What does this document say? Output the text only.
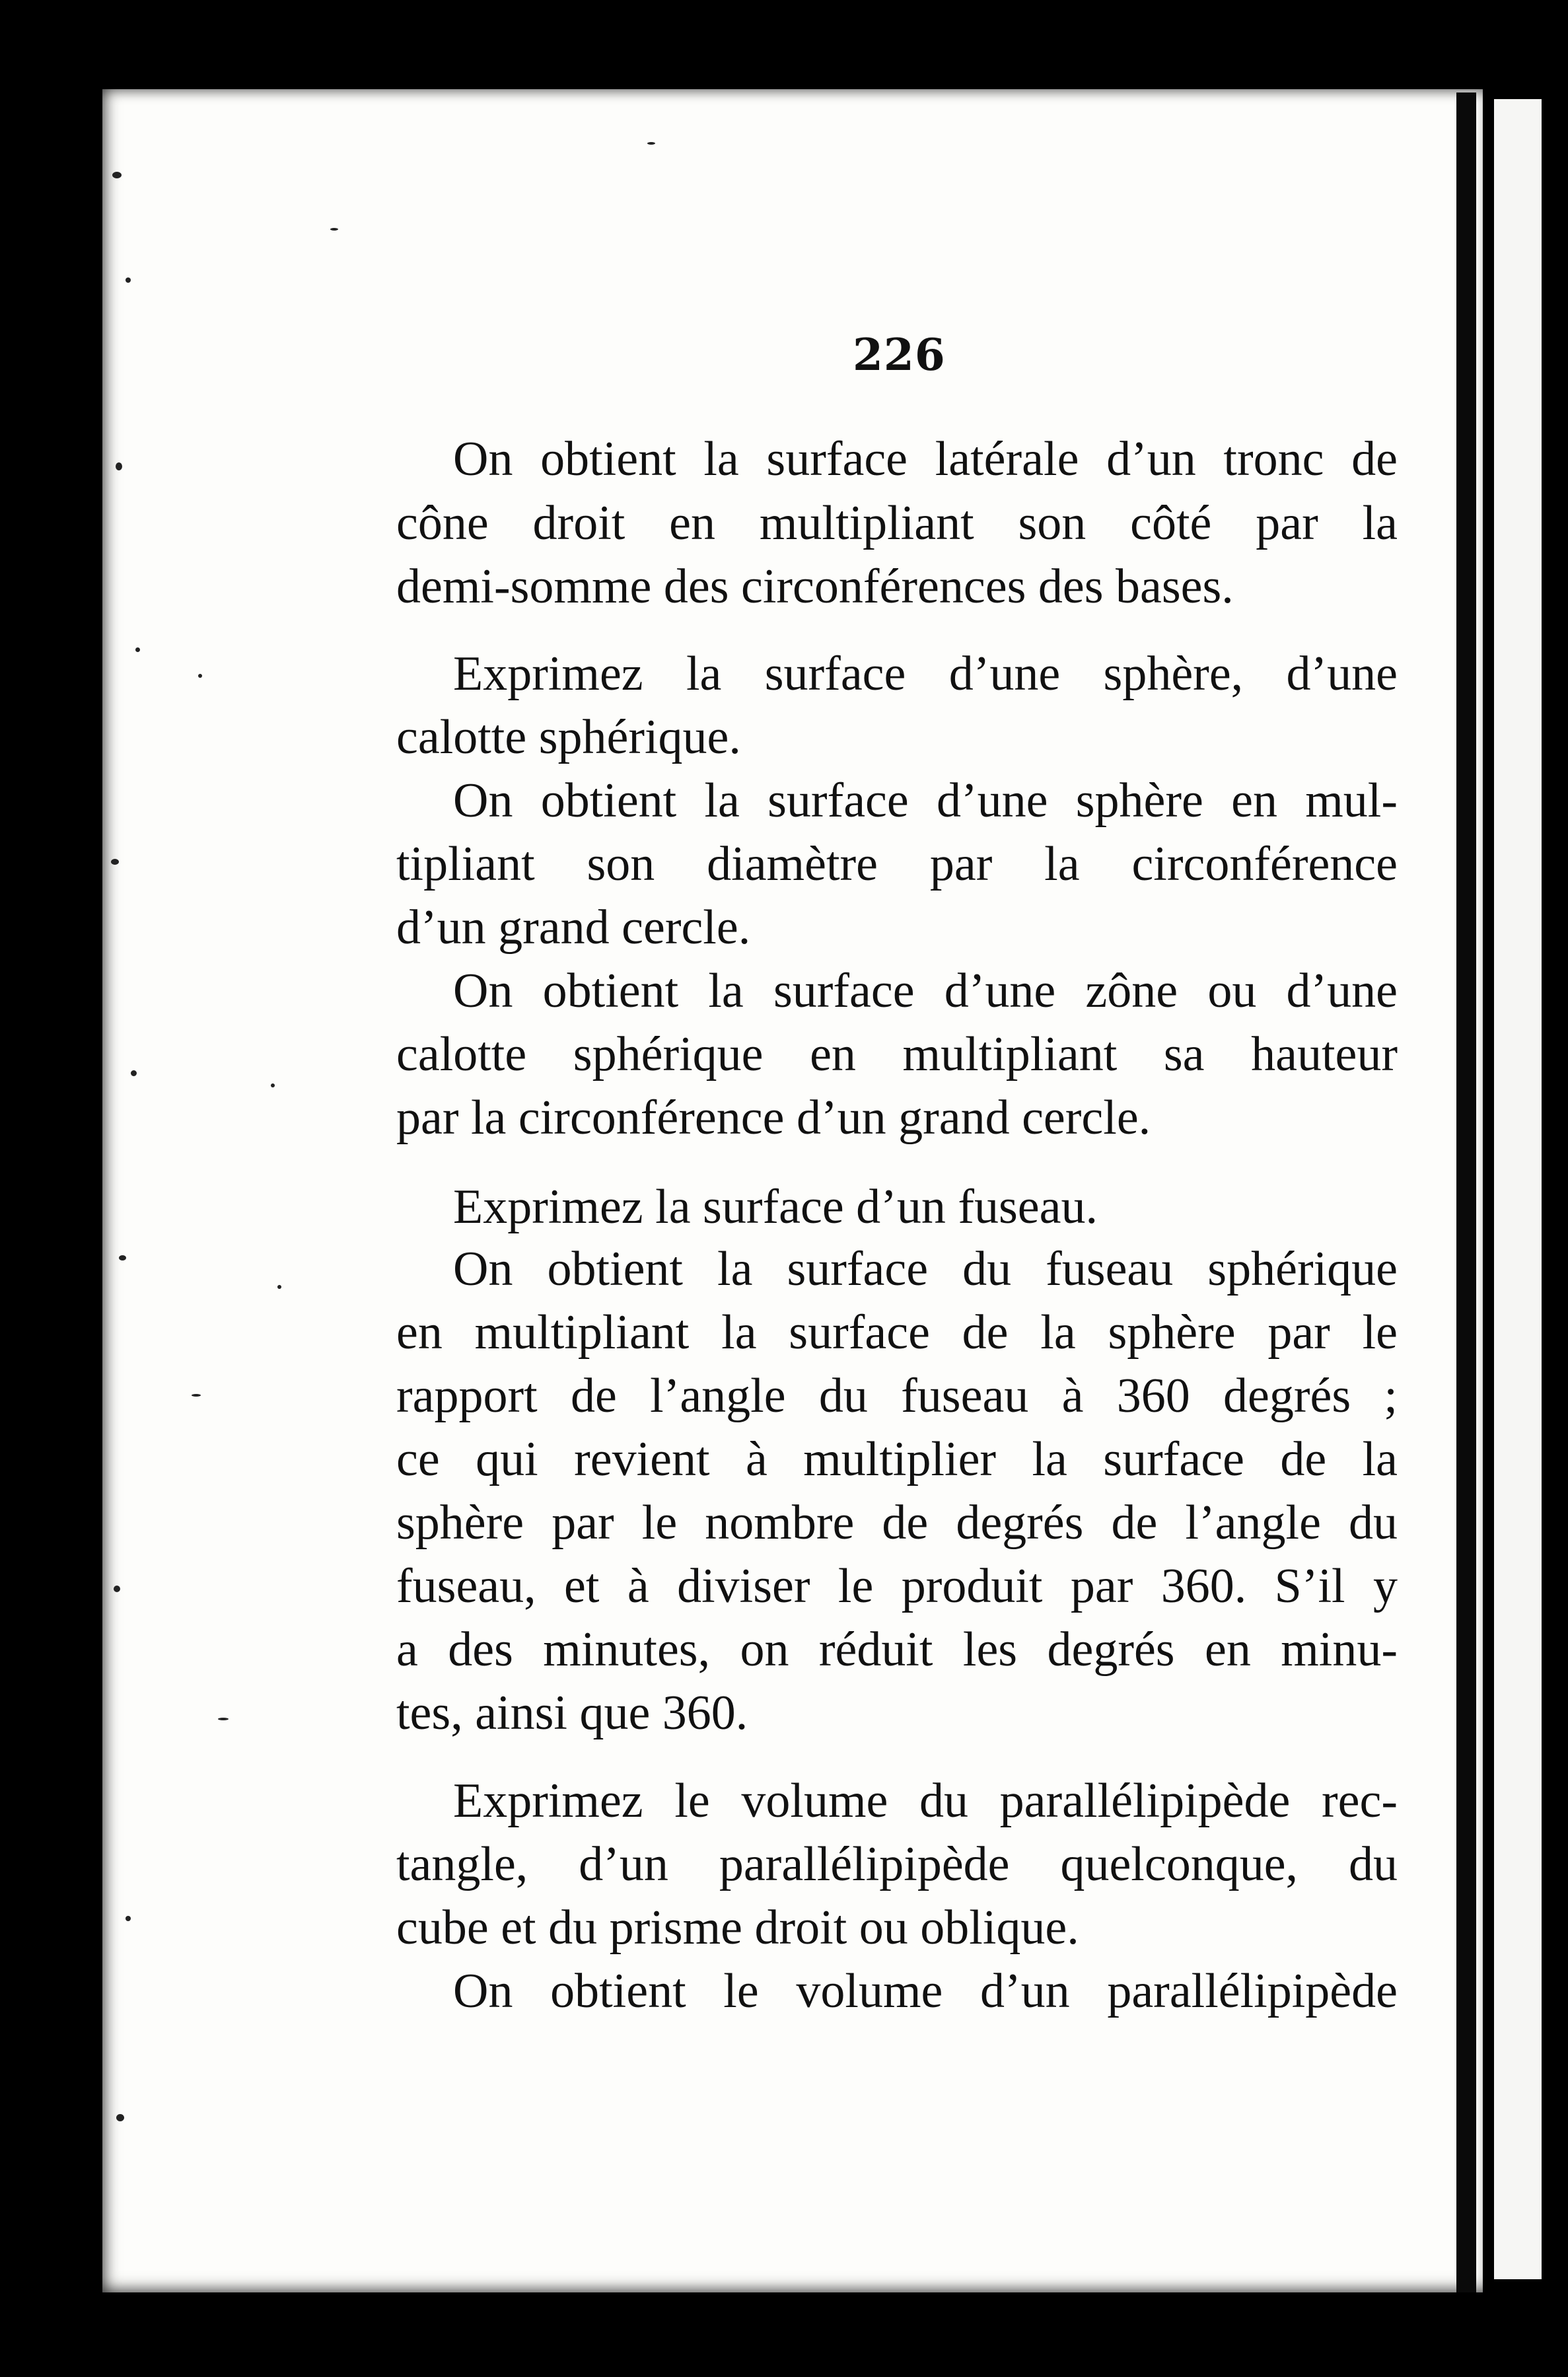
226
On obtient la surface latérale d’un tronc de
cône droit en multipliant son côté par la
demi-somme des circonférences des bases.
Exprimez la surface d’une sphère, d’une
calotte sphérique.
On obtient la surface d’une sphère en mul-
tipliant son diamètre par la circonférence
d’un grand cercle.
On obtient la surface d’une zône ou d’une
calotte sphérique en multipliant sa hauteur
par la circonférence d’un grand cercle.
Exprimez la surface d’un fuseau.
On obtient la surface du fuseau sphérique
en multipliant la surface de la sphère par le
rapport de l’angle du fuseau à 360 degrés ;
ce qui revient à multiplier la surface de la
sphère par le nombre de degrés de l’angle du
fuseau, et à diviser le produit par 360. S’il y
a des minutes, on réduit les degrés en minu-
tes, ainsi que 360.
Exprimez le volume du parallélipipède rec-
tangle, d’un parallélipipède quelconque, du
cube et du prisme droit ou oblique.
On obtient le volume d’un parallélipipède
